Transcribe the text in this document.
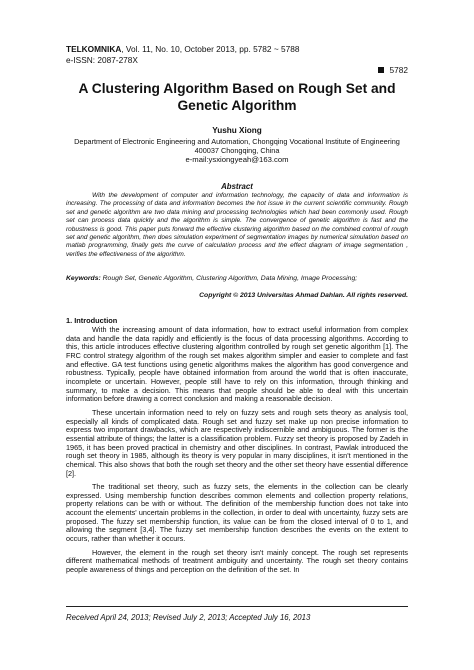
TELKOMNIKA, Vol. 11, No. 10, October 2013, pp. 5782 ~ 5788
e-ISSN: 2087-278X
5782
A Clustering Algorithm Based on Rough Set and
Genetic Algorithm
Yushu Xiong
Department of Electronic Engineering and Automation, Chongqing Vocational Institute of Engineering
400037 Chongqing, China
e-mail:ysxiongyeah@163.com
Abstract
With the development of computer and information technology, the capacity of data and information is increasing. The processing of data and information becomes the hot issue in the current scientific community. Rough set and genetic algorithm are two data mining and processing technologies which had been commonly used. Rough set can process data quickly and the algorithm is simple. The convergence of genetic algorithm is fast and the robustness is good. This paper puts forward the effective clustering algorithm based on the combined control of rough set and genetic algorithm, then does simulation experiment of segmentation images by numerical simulation based on matlab programming, finally gets the curve of calculation process and the effect diagram of image segmentation , verifies the effectiveness of the algorithm.
Keywords: Rough Set, Genetic Algorithm, Clustering Algorithm, Data Mining, Image Processing;
Copyright © 2013 Universitas Ahmad Dahlan. All rights reserved.
1. Introduction

With the increasing amount of data information, how to extract useful information from complex data and handle the data rapidly and efficiently is the focus of data processing algorithms. According to this, this article introduces effective clustering algorithm controlled by rough set genetic algorithm [1]. The FRC control strategy algorithm of the rough set makes algorithm simpler and easier to complete and fast and effective. GA test functions using genetic algorithms makes the algorithm has good convergence and robustness. Typically, people have obtained information from around the world that is often inaccurate, incomplete or uncertain. However, people still have to rely on this information, through thinking and summary, to make a decision. This means that people should be able to deal with this uncertain information before drawing a correct conclusion and making a reasonable decision.

These uncertain information need to rely on fuzzy sets and rough sets theory as analysis tool, especially all kinds of complicated data. Rough set and fuzzy set make up non precise information to express two important drawbacks, which are respectively indiscernible and ambiguous. The former is the essential attribute of things; the latter is a classification problem. Fuzzy set theory is proposed by Zadeh in 1965, it has been proved practical in chemistry and other disciplines. In contrast, Pawlak introduced the rough set theory in 1985, although its theory is very popular in many disciplines, it isn't mentioned in the chemical. This also shows that both the rough set theory and the other set theory have essential difference [2].

The traditional set theory, such as fuzzy sets, the elements in the collection can be clearly expressed. Using membership function describes common elements and collection property relations, property relations can be with or without. The definition of the membership function does not take into account the elements' uncertain problems in the collection, in order to deal with uncertainty, fuzzy sets are proposed. The fuzzy set membership function, its value can be from the closed interval of 0 to 1, and allowing the segment [3,4]. The fuzzy set membership function describes the events on the extent to occurs, rather than whether it occurs.

However, the element in the rough set theory isn't mainly concept. The rough set represents different mathematical methods of treatment ambiguity and uncertainty. The rough set theory contains people awareness of things and perception on the definition of the set. In

Received April 24, 2013; Revised July 2, 2013; Accepted July 16, 2013
